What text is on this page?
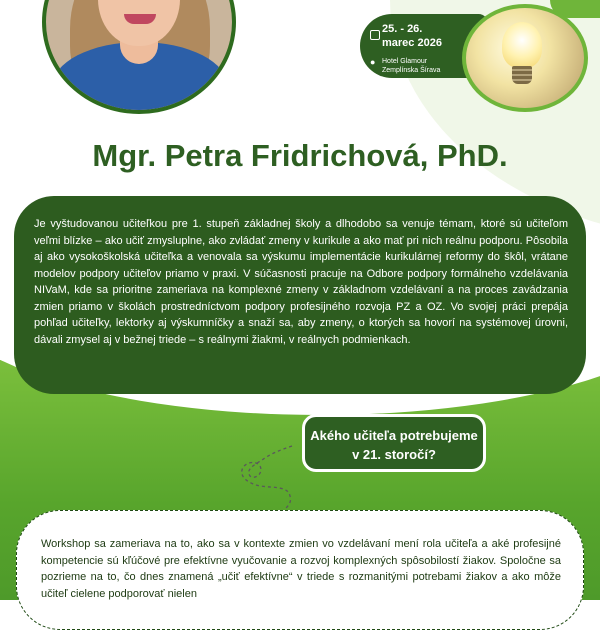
25. - 26.
marec 2026
● Hotel Glamour
Zemplínska Šírava
Mgr. Petra Fridrichová, PhD.

Je vyštudovanou učiteľkou pre 1. stupeň základnej školy a dlhodobo sa venuje témam, ktoré sú učiteľom veľmi blízke – ako učiť zmysluplne, ako zvládať zmeny v kurikule a ako mať pri nich reálnu podporu. Pôsobila aj ako vysokoškolská učiteľka a venovala sa výskumu implementácie kurikulárnej reformy do škôl, vrátane modelov podpory učiteľov priamo v praxi. V súčasnosti pracuje na Odbore podpory formálneho vzdelávania NIVaM, kde sa prioritne zameriava na komplexné zmeny v základnom vzdelávaní a na proces zavádzania zmien priamo v školách prostredníctvom podpory profesijného rozvoja PZ a OZ. Vo svojej práci prepája pohľad učiteľky, lektorky aj výskumníčky a snaží sa, aby zmeny, o ktorých sa hovorí na systémovej úrovni, dávali zmysel aj v bežnej triede – s reálnymi žiakmi, v reálnych podmienkach.

Akého učiteľa potrebujeme
v 21. storočí?

Workshop sa zameriava na to, ako sa v kontexte zmien vo vzdelávaní mení rola učiteľa a aké profesijné kompetencie sú kľúčové pre efektívne vyučovanie a rozvoj komplexných spôsobilostí žiakov. Spoločne sa pozrieme na to, čo dnes znamená „učiť efektívne“ v triede s rozmanitými potrebami žiakov a ako môže učiteľ cielene podporovať nielen
